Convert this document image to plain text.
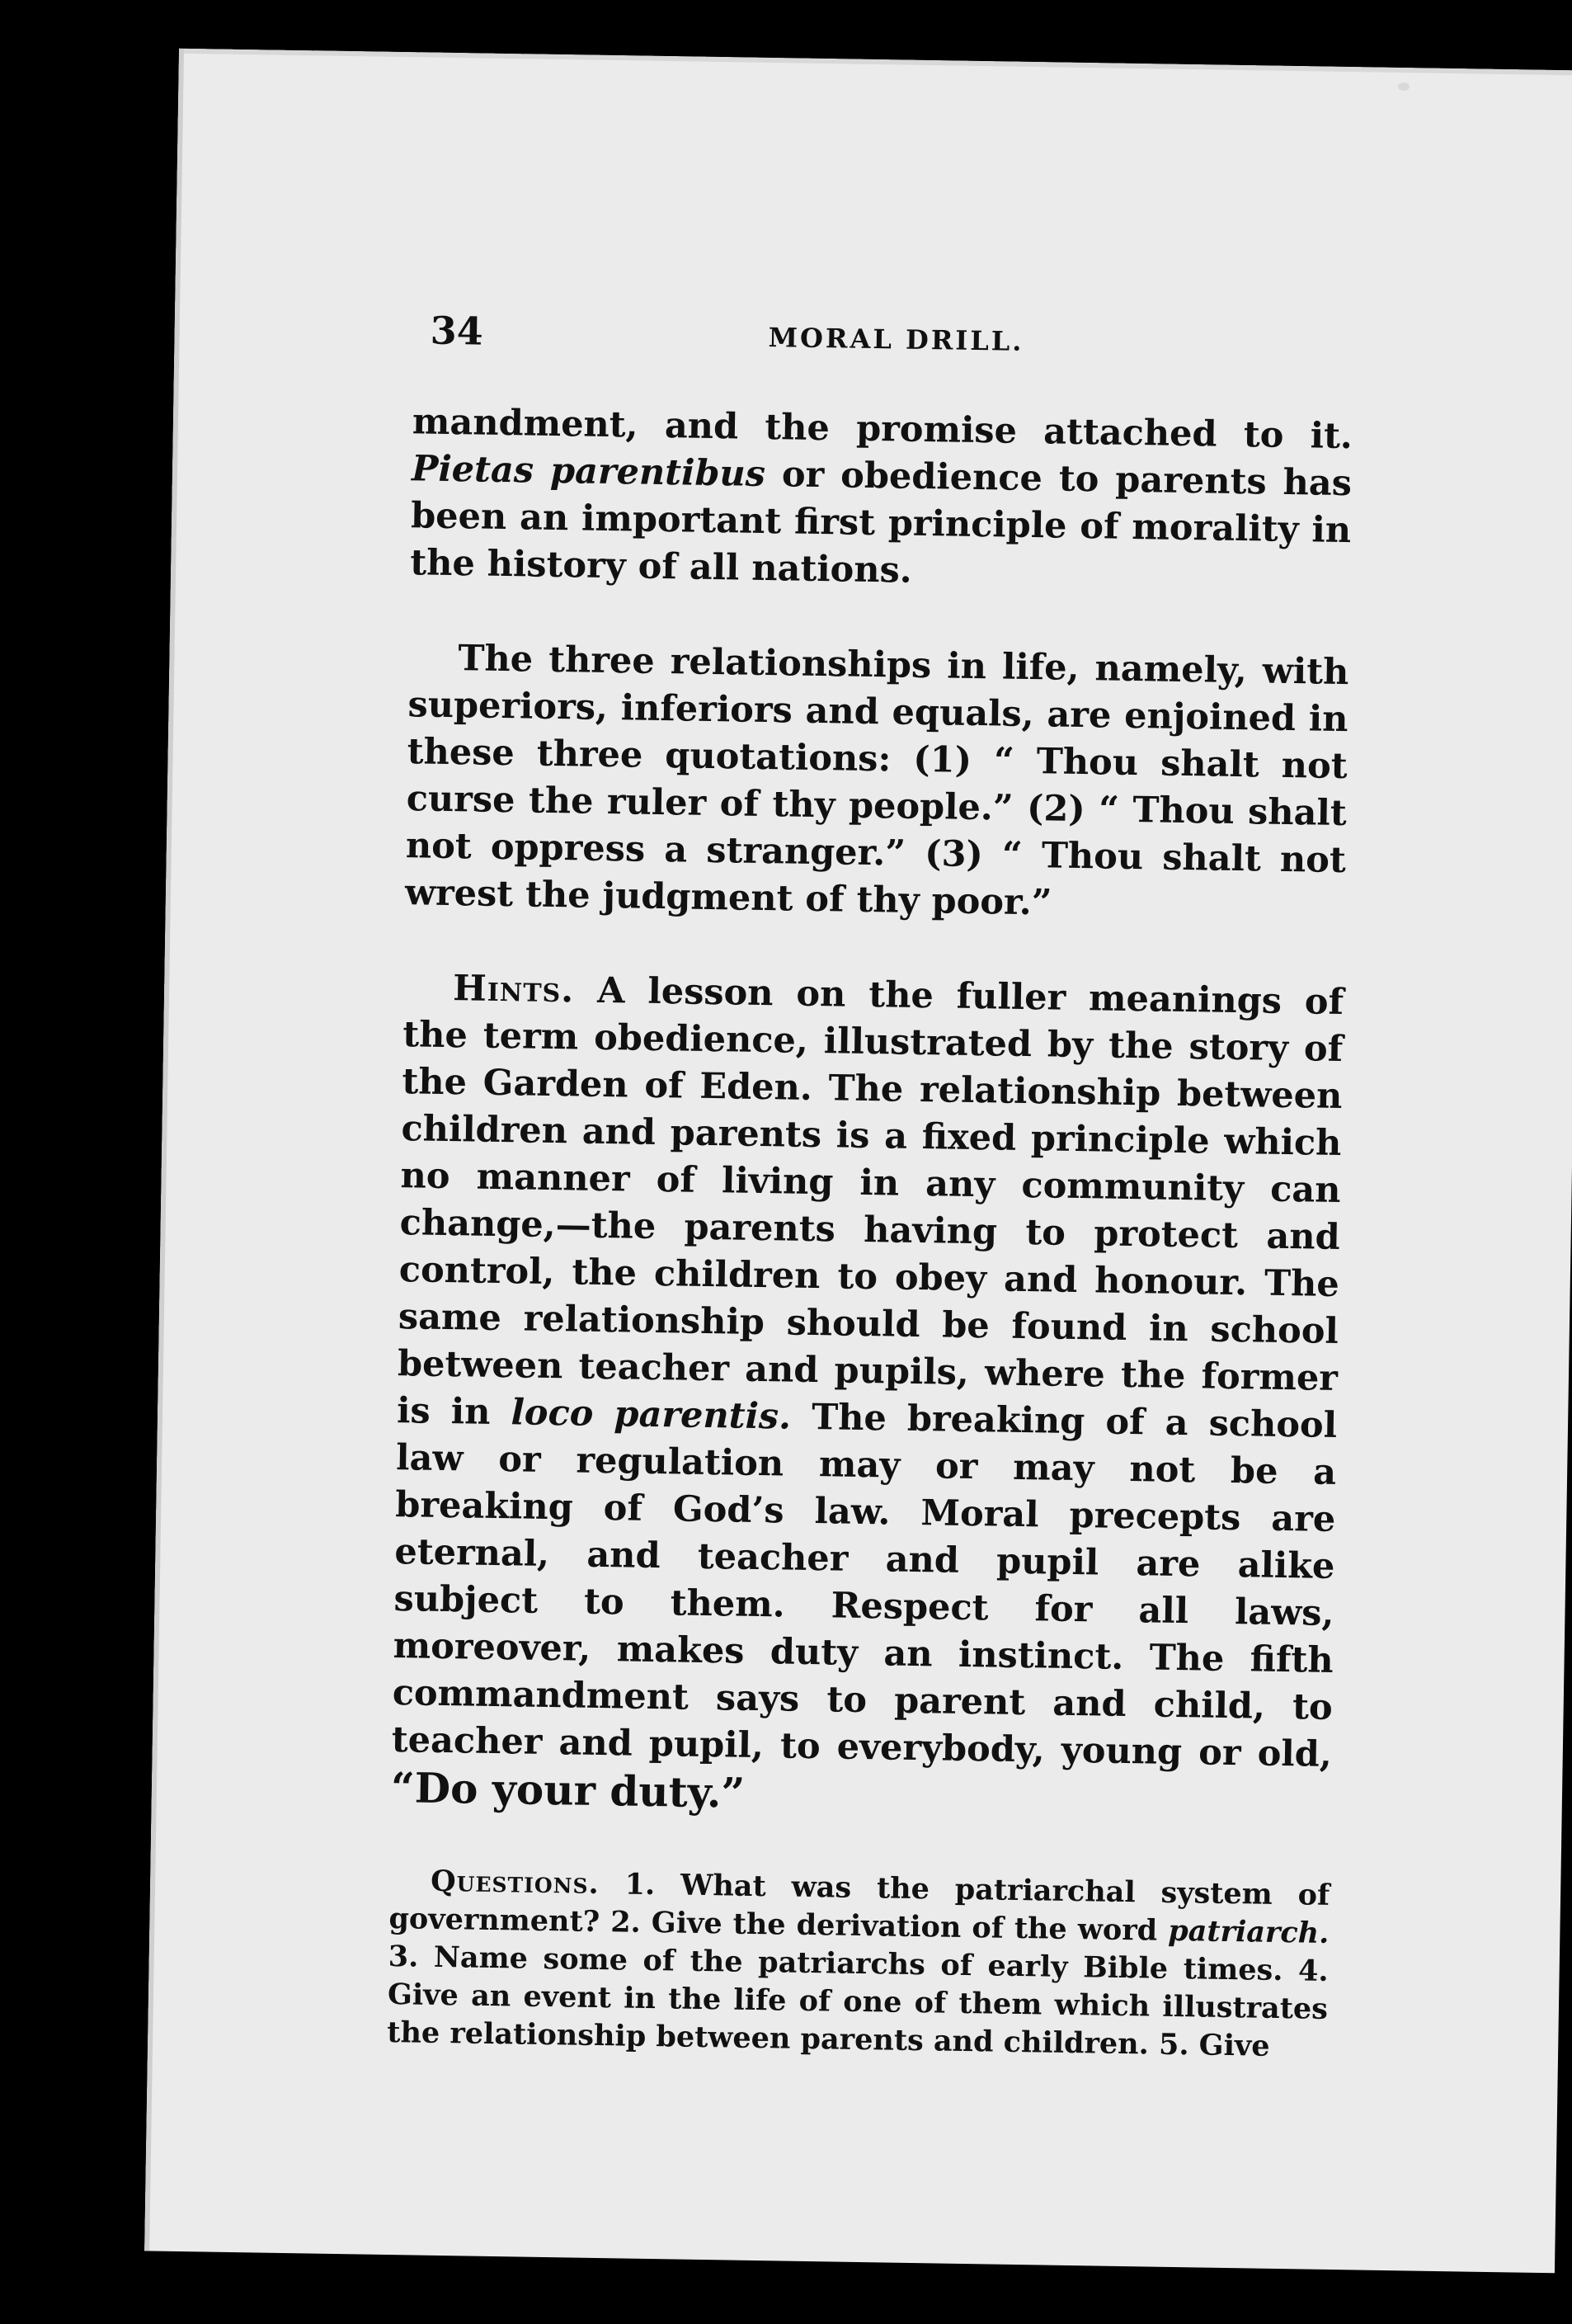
34	MORAL DRILL.

mandment, and the promise attached to it. Pietas parentibus or obedience to parents has been an important first principle of morality in the history of all nations.

The three relationships in life, namely, with superiors, inferiors and equals, are enjoined in these three quotations: (1) “ Thou shalt not curse the ruler of thy people.” (2) “ Thou shalt not oppress a stranger.” (3) “ Thou shalt not wrest the judgment of thy poor.”

Hints. A lesson on the fuller meanings of the term obedience, illustrated by the story of the Garden of Eden. The relationship between children and parents is a fixed principle which no manner of living in any community can change,—the parents having to protect and control, the children to obey and honour. The same relationship should be found in school between teacher and pupils, where the former is in loco parentis. The breaking of a school law or regulation may or may not be a breaking of God’s law. Moral precepts are eternal, and teacher and pupil are alike subject to them. Respect for all laws, moreover, makes duty an instinct. The fifth commandment says to parent and child, to teacher and pupil, to everybody, young or old, “Do your duty.”

Questions. 1. What was the patriarchal system of government? 2. Give the derivation of the word patriarch. 3. Name some of the patriarchs of early Bible times. 4. Give an event in the life of one of them which illustrates the relationship between parents and children. 5. Give
